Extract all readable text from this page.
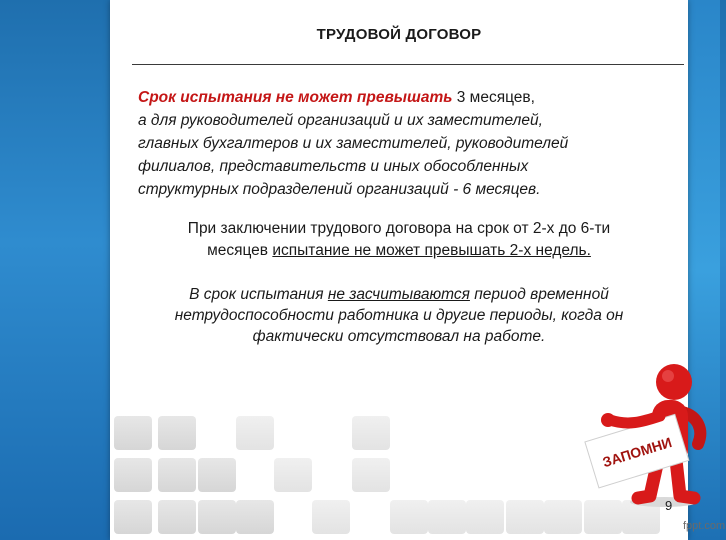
ТРУДОВОЙ ДОГОВОР
Срок испытания не может превышать 3 месяцев,
а для руководителей организаций и их заместителей,
главных бухгалтеров и их заместителей, руководителей
филиалов, представительств и иных обособленных
структурных подразделений организаций - 6 месяцев.
При заключении трудового договора на срок от 2-х до 6-ти
месяцев испытание не может превышать 2-х недель.
В срок испытания не засчитываются период временной
нетрудоспособности работника и другие периоды, когда он
фактически отсутствовал на работе.
ЗАПОМНИ
9
fppt.com
